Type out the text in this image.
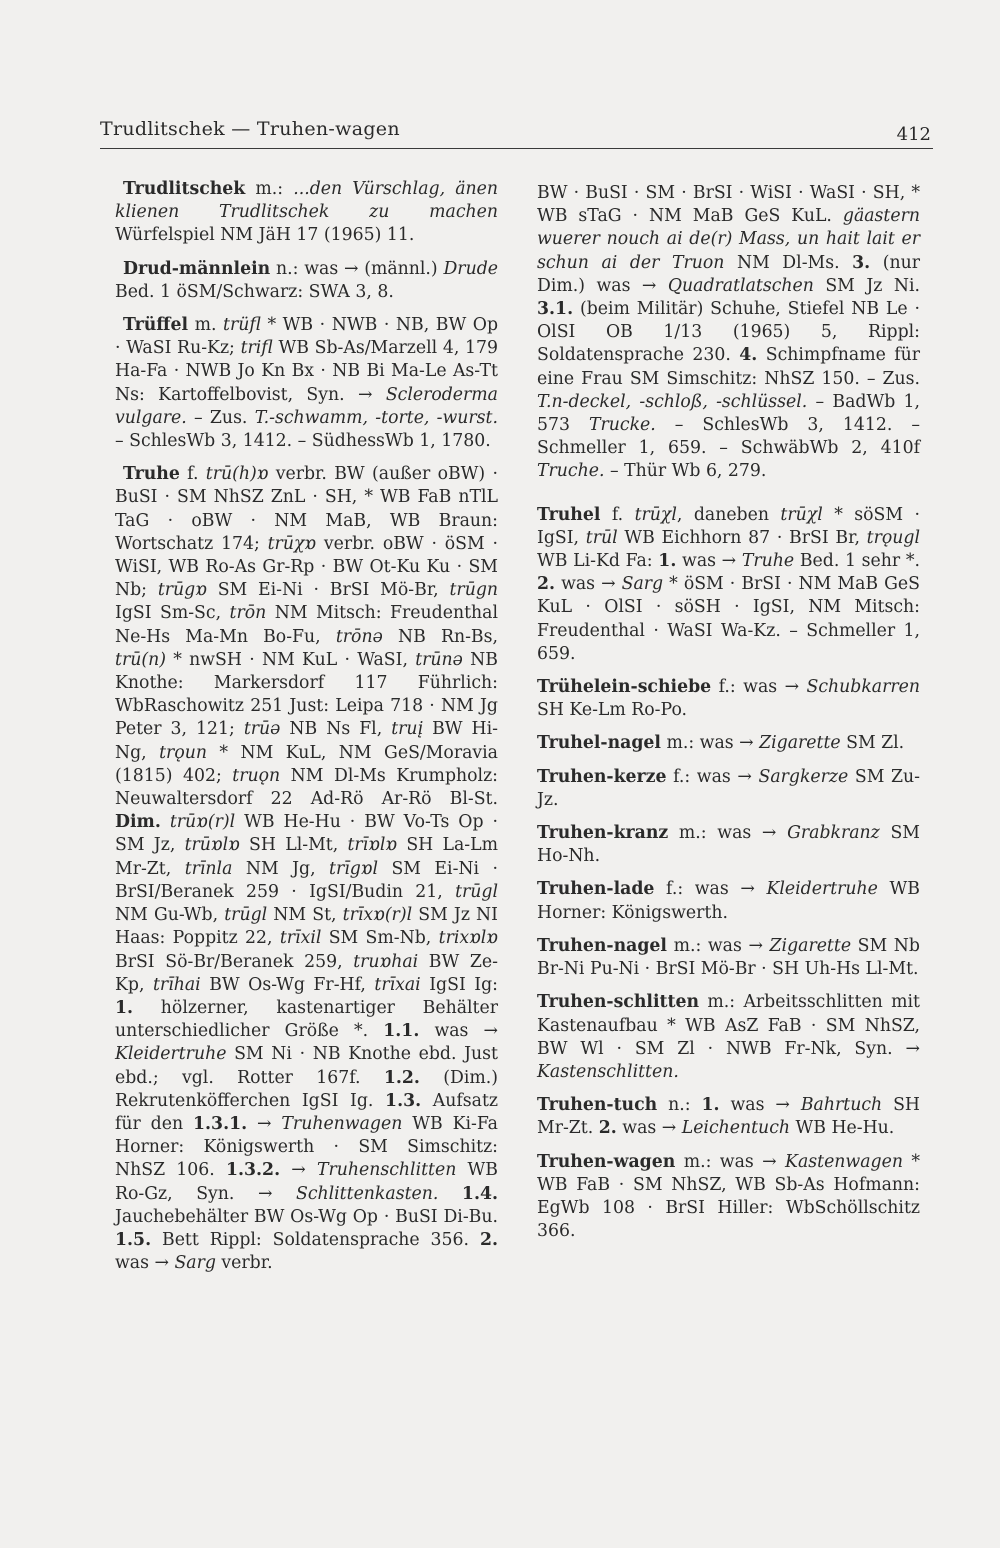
Trudlitschek — Truhen-wagen	412

Trudlitschek m.: ...den Vürschlag, änen klienen Trudlitschek zu machen Würfelspiel NM JäH 17 (1965) 11.

Drud-männlein n.: was → (männl.) Drude Bed. 1 öSM/Schwarz: SWA 3, 8.

Trüffel m. trüfl * WB · NWB · NB, BW Op · WaSI Ru-Kz; trifl WB Sb-As/Marzell 4, 179 Ha-Fa · NWB Jo Kn Bx · NB Bi Ma-Le As-Tt Ns: Kartoffelbovist, Syn. → Scleroderma vulgare. – Zus. T.-schwamm, -torte, -wurst. – SchlesWb 3, 1412. – SüdhessWb 1, 1780.

Truhe f. trū(h)ɒ verbr. BW (außer oBW) · BuSI · SM NhSZ ZnL · SH, * WB FaB nTlL TaG · oBW · NM MaB, WB Braun: Wortschatz 174; trūχɒ verbr. oBW · öSM · WiSI, WB Ro-As Gr-Rp · BW Ot-Ku Ku · SM Nb; trūgɒ SM Ei-Ni · BrSI Mö-Br, trūgn IgSI Sm-Sc, trōn NM Mitsch: Freudenthal Ne-Hs Ma-Mn Bo-Fu, trōnə NB Rn-Bs, trū(n) * nwSH · NM KuL · WaSI, trūnə NB Knothe: Markersdorf 117 Führlich: WbRaschowitz 251 Just: Leipa 718 · NM Jg Peter 3, 121; trūə NB Ns Fl, truį BW Hi-Ng, trǫun * NM KuL, NM GeS/Moravia (1815) 402; truǫn NM Dl-Ms Krumpholz: Neuwaltersdorf 22 Ad-Rö Ar-Rö Bl-St. Dim. trūɒ(r)l WB He-Hu · BW Vo-Ts Op · SM Jz, trūɒlɒ SH Ll-Mt, trīɒlɒ SH La-Lm Mr-Zt, trīnla NM Jg, trīgɒl SM Ei-Ni · BrSI/Beranek 259 · IgSI/Budin 21, trūgl NM Gu-Wb, trūgl NM St, trīxɒ(r)l SM Jz NI Haas: Poppitz 22, trīxil SM Sm-Nb, trixɒlɒ BrSI Sö-Br/Beranek 259, truɒhai BW Ze-Kp, trīhai BW Os-Wg Fr-Hf, trīxai IgSI Ig: 1. hölzerner, kastenartiger Behälter unterschiedlicher Größe *. 1.1. was → Kleidertruhe SM Ni · NB Knothe ebd. Just ebd.; vgl. Rotter 167f. 1.2. (Dim.) Rekrutenköfferchen IgSI Ig. 1.3. Aufsatz für den 1.3.1. → Truhenwagen WB Ki-Fa Horner: Königswerth · SM Simschitz: NhSZ 106. 1.3.2. → Truhenschlitten WB Ro-Gz, Syn. → Schlittenkasten. 1.4. Jauchebehälter BW Os-Wg Op · BuSI Di-Bu. 1.5. Bett Rippl: Soldatensprache 356. 2. was → Sarg verbr.

BW · BuSI · SM · BrSI · WiSI · WaSI · SH, * WB sTaG · NM MaB GeS KuL. gäastern wuerer nouch ai de(r) Mass, un hait lait er schun ai der Truon NM Dl-Ms. 3. (nur Dim.) was → Quadratlatschen SM Jz Ni. 3.1. (beim Militär) Schuhe, Stiefel NB Le · OlSI OB 1/13 (1965) 5, Rippl: Soldatensprache 230. 4. Schimpfname für eine Frau SM Simschitz: NhSZ 150. – Zus. T.n-deckel, -schloß, -schlüssel. – BadWb 1, 573 Trucke. – SchlesWb 3, 1412. – Schmeller 1, 659. – SchwäbWb 2, 410f Truche. – Thür Wb 6, 279.

Truhel f. trūχl, daneben trūχl * söSM · IgSI, trūl WB Eichhorn 87 · BrSI Br, trǫugl WB Li-Kd Fa: 1. was → Truhe Bed. 1 sehr *. 2. was → Sarg * öSM · BrSI · NM MaB GeS KuL · OlSI · söSH · IgSI, NM Mitsch: Freudenthal · WaSI Wa-Kz. – Schmeller 1, 659.

Trühelein-schiebe f.: was → Schubkarren SH Ke-Lm Ro-Po.

Truhel-nagel m.: was → Zigarette SM Zl.

Truhen-kerze f.: was → Sargkerze SM Zu-Jz.

Truhen-kranz m.: was → Grabkranz SM Ho-Nh.

Truhen-lade f.: was → Kleidertruhe WB Horner: Königswerth.

Truhen-nagel m.: was → Zigarette SM Nb Br-Ni Pu-Ni · BrSI Mö-Br · SH Uh-Hs Ll-Mt.

Truhen-schlitten m.: Arbeitsschlitten mit Kastenaufbau * WB AsZ FaB · SM NhSZ, BW Wl · SM Zl · NWB Fr-Nk, Syn. → Kastenschlitten.

Truhen-tuch n.: 1. was → Bahrtuch SH Mr-Zt. 2. was → Leichentuch WB He-Hu.

Truhen-wagen m.: was → Kastenwagen * WB FaB · SM NhSZ, WB Sb-As Hofmann: EgWb 108 · BrSI Hiller: WbSchöllschitz 366.
